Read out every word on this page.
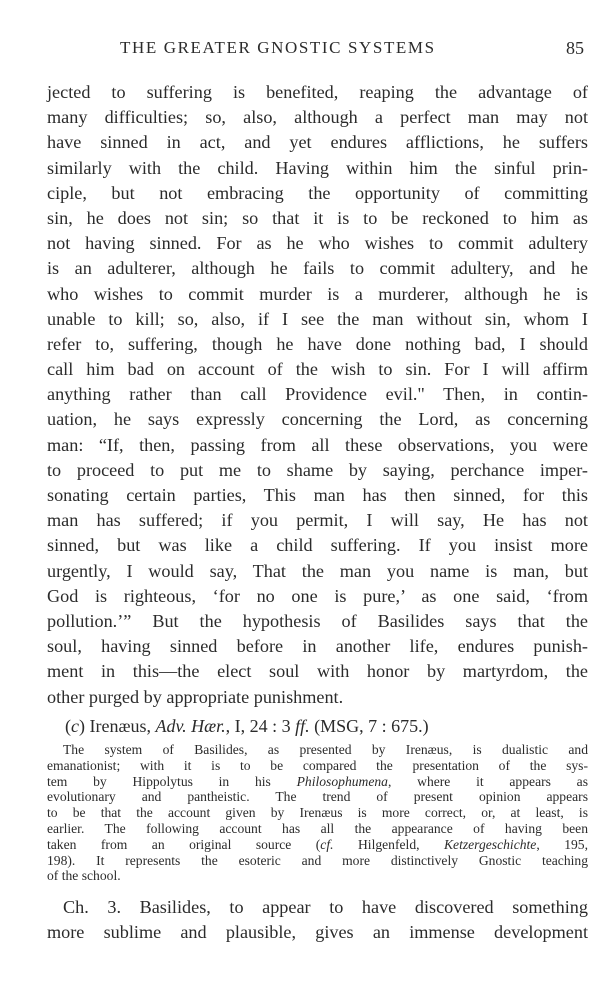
THE GREATER GNOSTIC SYSTEMS	85
jected to suffering is benefited, reaping the advantage of
many difficulties; so, also, although a perfect man may not
have sinned in act, and yet endures afflictions, he suffers
similarly with the child. Having within him the sinful prin-
ciple, but not embracing the opportunity of committing
sin, he does not sin; so that it is to be reckoned to him as
not having sinned. For as he who wishes to commit adultery
is an adulterer, although he fails to commit adultery, and he
who wishes to commit murder is a murderer, although he is
unable to kill; so, also, if I see the man without sin, whom I
refer to, suffering, though he have done nothing bad, I should
call him bad on account of the wish to sin. For I will affirm
anything rather than call Providence evil." Then, in contin-
uation, he says expressly concerning the Lord, as concerning
man: “If, then, passing from all these observations, you were
to proceed to put me to shame by saying, perchance imper-
sonating certain parties, This man has then sinned, for this
man has suffered; if you permit, I will say, He has not
sinned, but was like a child suffering. If you insist more
urgently, I would say, That the man you name is man, but
God is righteous, ‘for no one is pure,’ as one said, ‘from
pollution.’” But the hypothesis of Basilides says that the
soul, having sinned before in another life, endures punish-
ment in this—the elect soul with honor by martyrdom, the
other purged by appropriate punishment.
(c) Irenæus, Adv. Hær., I, 24 : 3 ff. (MSG, 7 : 675.)
The system of Basilides, as presented by Irenæus, is dualistic and
emanationist; with it is to be compared the presentation of the sys-
tem by Hippolytus in his Philosophumena, where it appears as
evolutionary and pantheistic. The trend of present opinion appears
to be that the account given by Irenæus is more correct, or, at least, is
earlier. The following account has all the appearance of having been
taken from an original source (cf. Hilgenfeld, Ketzergeschichte, 195,
198). It represents the esoteric and more distinctively Gnostic teaching
of the school.
Ch. 3. Basilides, to appear to have discovered something
more sublime and plausible, gives an immense development
